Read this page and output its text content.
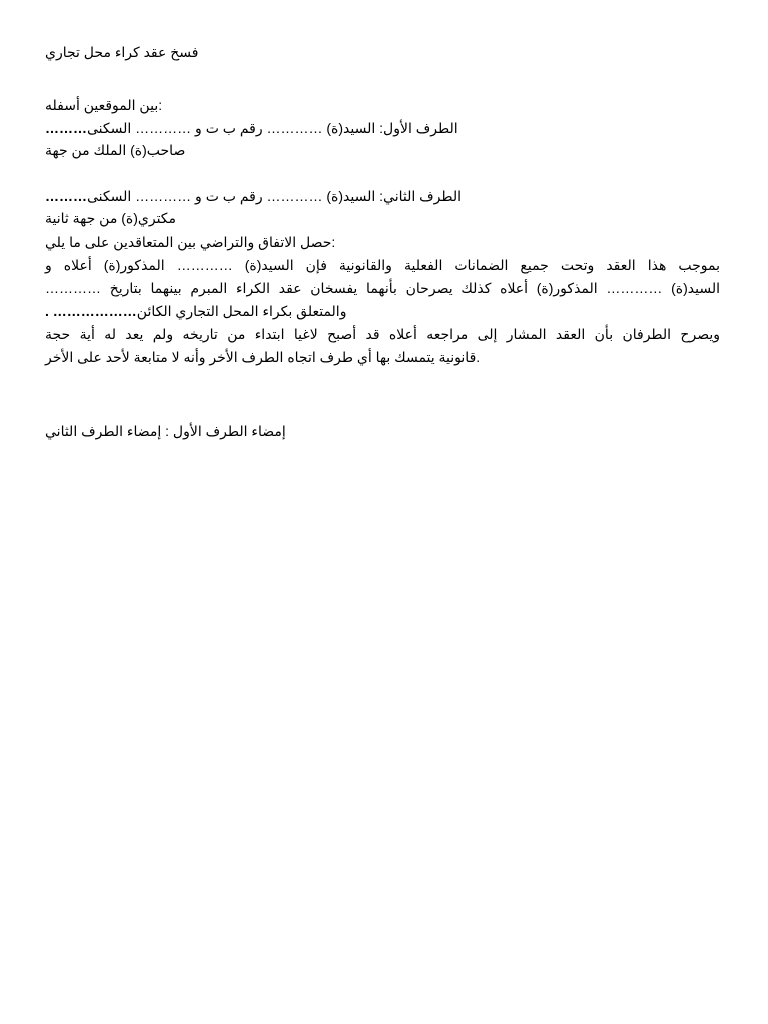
فسخ عقد كراء محل تجاري
:بين الموقعين أسفله
……… الطرف الأول: السيد(ة) ………… رقم ب ت و ………… السكنى
صاحب(ة) الملك من جهة
……… الطرف الثاني: السيد(ة) ………… رقم ب ت و ………… السكنى
مكتري(ة) من جهة ثانية
:حصل الاتفاق والتراضي بين المتعاقدين على ما يلي
بموجب هذا العقد وتحت جميع الضمانات الفعلية والقانونية فإن السيد(ة) ………… المذكور(ة) أعلاه و
السيد(ة) ………… المذكور(ة) أعلاه كذلك يصرحان بأنهما يفسخان عقد الكراء المبرم بينهما بتاريخ …………
. ……………… والمتعلق بكراء المحل التجاري الكائن
ويصرح الطرفان بأن العقد المشار إلى مراجعه أعلاه قد أصبح لاغيا ابتداء من تاريخه ولم يعد له أية حجة
.قانونية يتمسك بها أي طرف اتجاه الطرف الأخر وأنه لا متابعة لأحد على الأخر
إمضاء الطرف الأول : إمضاء الطرف الثاني
